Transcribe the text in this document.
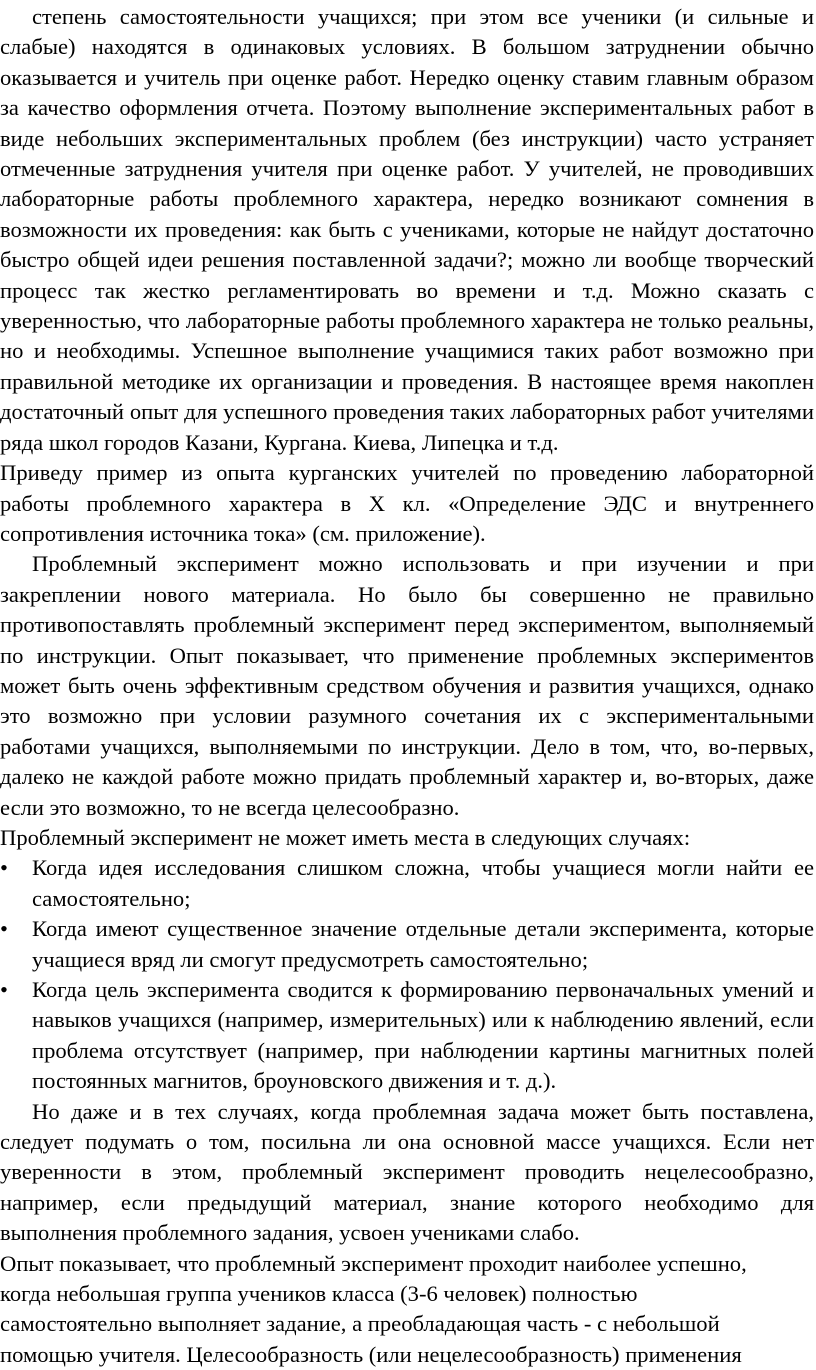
степень самостоятельности учащихся; при этом все ученики (и сильные и слабые) находятся в одинаковых условиях. В большом затруднении обычно оказывается и учитель при оценке работ. Нередко оценку ставим главным образом за качество оформления отчета. Поэтому выполнение экспериментальных работ в виде небольших экспериментальных проблем (без инструкции) часто устраняет отмеченные затруднения учителя при оценке работ. У учителей, не проводивших лабораторные работы проблемного характера, нередко возникают сомнения в возможности их проведения: как быть с учениками, которые не найдут достаточно быстро общей идеи решения поставленной задачи?; можно ли вообще творческий процесс так жестко регламентировать во времени и т.д. Можно сказать с уверенностью, что лабораторные работы проблемного характера не только реальны, но и необходимы. Успешное выполнение учащимися таких работ возможно при правильной методике их организации и проведения. В настоящее время накоплен достаточный опыт для успешного проведения таких лабораторных работ учителями ряда школ городов Казани, Кургана. Киева, Липецка и т.д.

Приведу пример из опыта курганских учителей по проведению лабораторной работы проблемного характера в X кл. «Определение ЭДС и внутреннего сопротивления источника тока» (см. приложение).

Проблемный эксперимент можно использовать и при изучении и при закреплении нового материала. Но было бы совершенно не правильно противопоставлять проблемный эксперимент перед экспериментом, выполняемый по инструкции. Опыт показывает, что применение проблемных экспериментов может быть очень эффективным средством обучения и развития учащихся, однако это возможно при условии разумного сочетания их с экспериментальными работами учащихся, выполняемыми по инструкции. Дело в том, что, во-первых, далеко не каждой работе можно придать проблемный характер и, во-вторых, даже если это возможно, то не всегда целесообразно.

Проблемный эксперимент не может иметь места в следующих случаях:

• Когда идея исследования слишком сложна, чтобы учащиеся могли найти ее самостоятельно;
• Когда имеют существенное значение отдельные детали эксперимента, которые учащиеся вряд ли смогут предусмотреть самостоятельно;
• Когда цель эксперимента сводится к формированию первоначальных умений и навыков учащихся (например, измерительных) или к наблюдению явлений, если проблема отсутствует (например, при наблюдении картины магнитных полей постоянных магнитов, броуновского движения и т. д.).

Но даже и в тех случаях, когда проблемная задача может быть поставлена, следует подумать о том, посильна ли она основной массе учащихся. Если нет уверенности в этом, проблемный эксперимент проводить нецелесообразно, например, если предыдущий материал, знание которого необходимо для выполнения проблемного задания, усвоен учениками слабо.

Опыт показывает, что проблемный эксперимент проходит наиболее успешно,

когда небольшая группа учеников класса (3-6 человек) полностью

самостоятельно выполняет задание, а преобладающая часть - с небольшой

помощью учителя. Целесообразность (или нецелесообразность) применения
